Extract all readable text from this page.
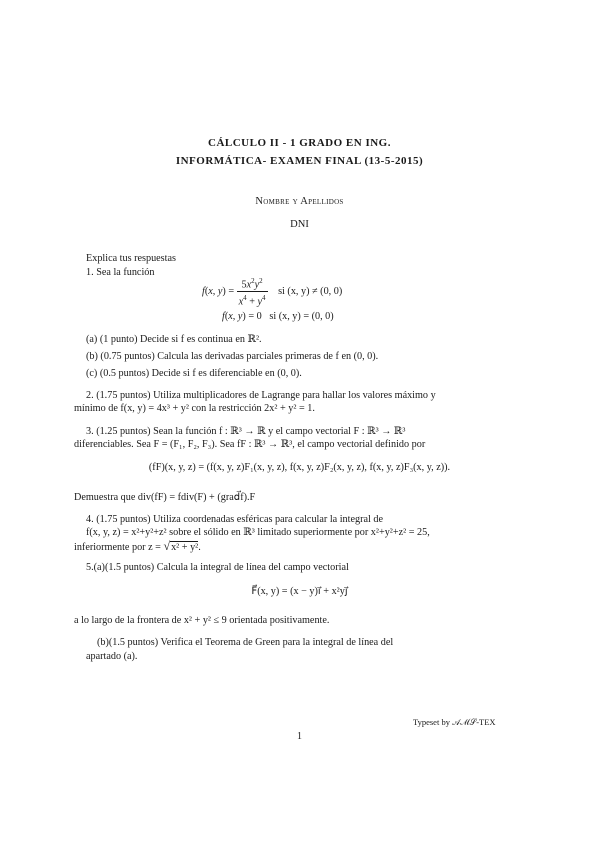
CÁLCULO II - 1 GRADO EN ING.
INFORMÁTICA- EXAMEN FINAL (13-5-2015)
Nombre y Apellidos
DNI
Explica tus respuestas
1. Sea la función
f(x, $y) = \frac{5x^2y^2}{x^4 + y^4}$ si (x, y) ≠ (0, 0)
f(x, y) = 0   si (x, y) = (0, 0)
(a) (1 punto) Decide si f es continua en ℝ².
(b) (0.75 puntos) Calcula las derivadas parciales primeras de f en (0, 0).
(c) (0.5 puntos) Decide si f es diferenciable en (0, 0).
2. (1.75 puntos) Utiliza multiplicadores de Lagrange para hallar los valores máximo y
mínimo de f(x, y) = 4x³ + y² con la restricción 2x² + y² = 1.
3. (1.25 puntos) Sean la función f : ℝ³ → ℝ y el campo vectorial F : ℝ³ → ℝ³
diferenciables. Sea F = (F₁, F₂, F₃). Sea fF : ℝ³ → ℝ³, el campo vectorial definido por
(fF)(x, y, z) = (f(x, y, z)F₁(x, y, z), f(x, y, z)F₂(x, y, z), f(x, y, z)F₃(x, y, z)).
Demuestra que div(fF) = fdiv(F) + (grad⃗f).F
4. (1.75 puntos) Utiliza coordenadas esféricas para calcular la integral de
f(x, y, z) = x²+y²+z² sobre el sólido en ℝ³ limitado superiormente por x²+y²+z² = 25,
inferiormente por z = √x² + y².
5.(a)(1.5 puntos) Calcula la integral de línea del campo vectorial
F⃗(x, y) = (x − y)i⃗ + x²yj⃗
a lo largo de la frontera de x² + y² ≤ 9 orientada positivamente.
(b)(1.5 puntos) Verifica el Teorema de Green para la integral de línea del
apartado (a).
Typeset by 𝒜ℳ𝒮-TEX
1
